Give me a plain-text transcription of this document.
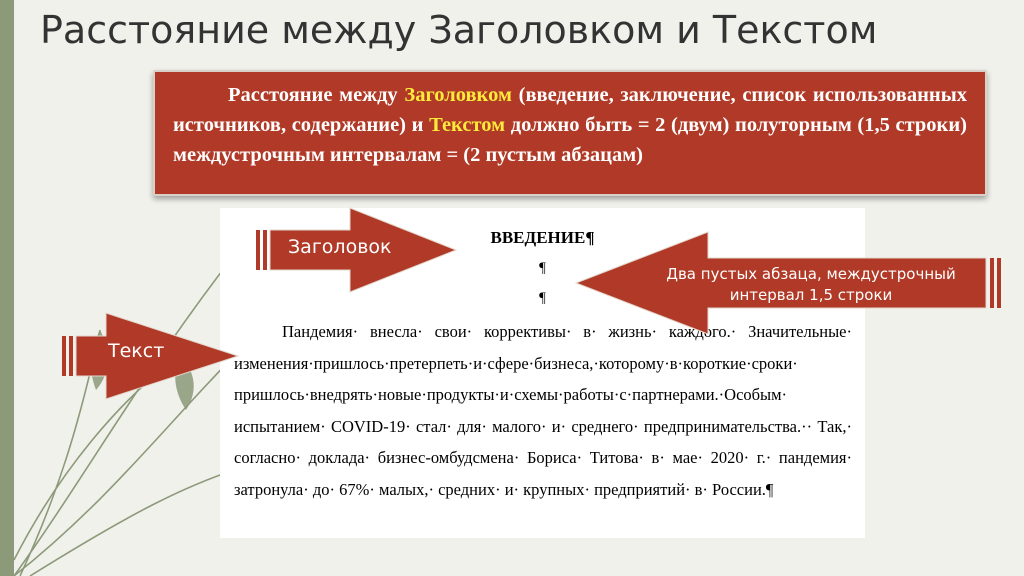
Расстояние между Заголовком и Текстом

Расстояние между Заголовком (введение, заключение, список использованных источников, содержание) и Текстом должно быть = 2 (двум) полуторным (1,5 строки) междустрочным интервалам = (2 пустым абзацам)

ВВЕДЕНИЕ¶
¶
¶
Пандемия· внесла· свои· коррективы· в· жизнь· каждого.· Значительные· изменения·пришлось·претерпеть·и·сфере·бизнеса,·которому·в·короткие·сроки· пришлось·внедрять·новые·продукты·и·схемы·работы·с·партнерами.·Особым· испытанием· COVID-19· стал· для· малого· и· среднего· предпринимательства.·· Так,· согласно· доклада· бизнес-омбудсмена· Бориса· Титова· в· мае· 2020· г.· пандемия· затронула· до· 67%· малых,· средних· и· крупных· предприятий· в· России.¶
Заголовок
Текст
Два пустых абзаца, междустрочный интервал 1,5 строки
